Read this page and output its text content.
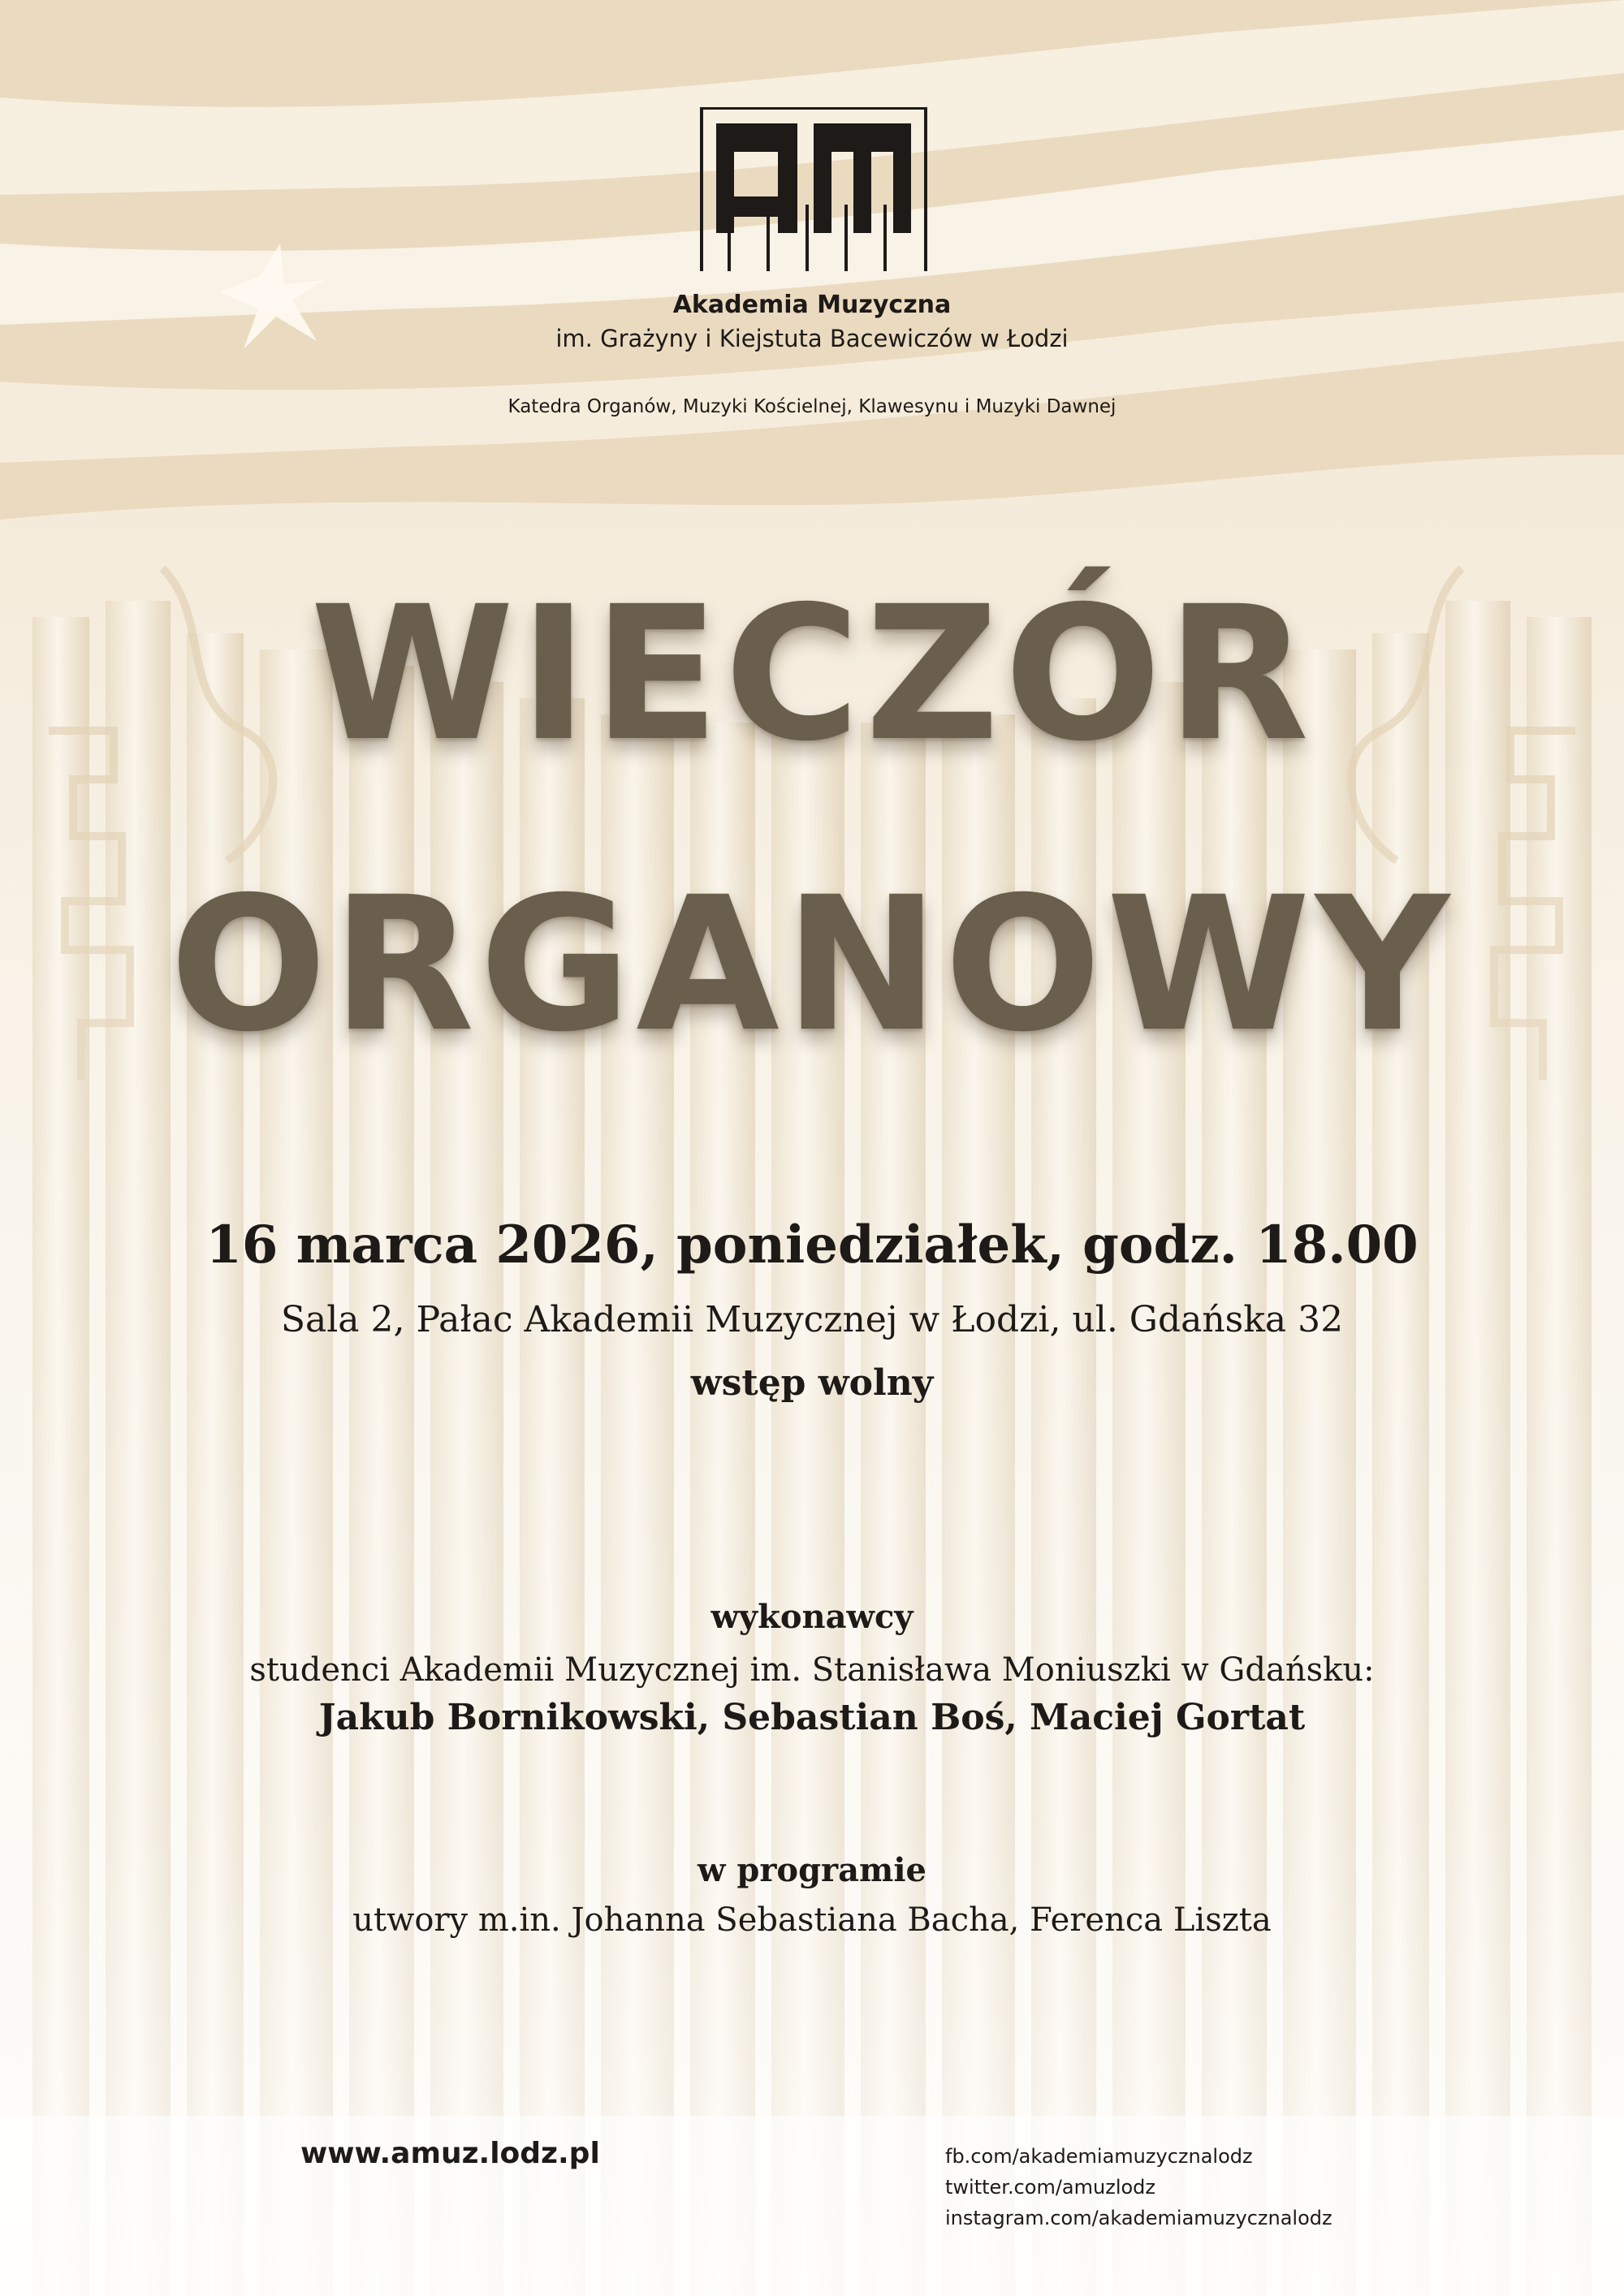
Akademia Muzyczna
im. Grażyny i Kiejstuta Bacewiczów w Łodzi
Katedra Organów, Muzyki Kościelnej, Klawesynu i Muzyki Dawnej
WIECZÓR
ORGANOWY
16 marca 2026, poniedziałek, godz. 18.00
Sala 2, Pałac Akademii Muzycznej w Łodzi, ul. Gdańska 32
wstęp wolny
wykonawcy
studenci Akademii Muzycznej im. Stanisława Moniuszki w Gdańsku:
Jakub Bornikowski, Sebastian Boś, Maciej Gortat
w programie
utwory m.in. Johanna Sebastiana Bacha, Ferenca Liszta
www.amuz.lodz.pl	fb.com/akademiamuzycznalodz
twitter.com/amuzlodz
instagram.com/akademiamuzycznalodz
